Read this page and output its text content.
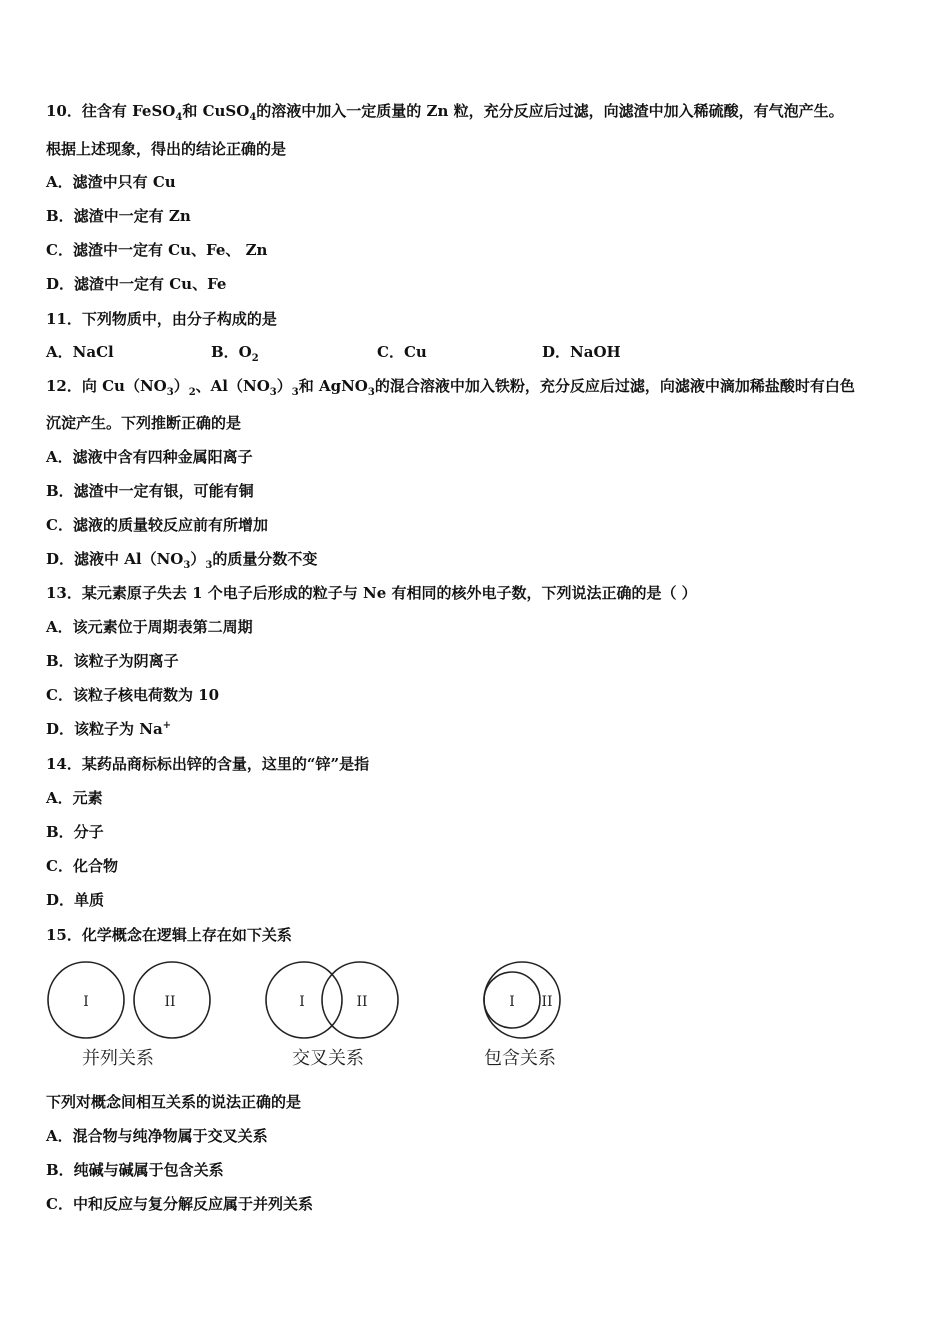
10．往含有 FeSO$_4$和 CuSO$_4$的溶液中加入一定质量的 Zn 粒，充分反应后过滤，向滤渣中加入稀硫酸，有气泡产生。
根据上述现象，得出的结论正确的是
A．滤渣中只有 Cu
B．滤渣中一定有 Zn
C．滤渣中一定有 Cu、Fe、 Zn
D．滤渣中一定有 Cu、Fe
11．下列物质中，由分子构成的是
A．NaCl	B．$O_2$	C．Cu	D．NaOH
12．向 $Cu(NO_3)_2$、$Al(NO_3)_3$和 AgNO$_3$的混合溶液中加入铁粉，充分反应后过滤，向滤液中滴加稀盐酸时有白色
沉淀产生。下列推断正确的是
A．滤液中含有四种金属阳离子
B．滤渣中一定有银，可能有铜
C．滤液的质量较反应前有所增加
D．滤液中 $Al(NO_3)_3$的质量分数不变
13．某元素原子失去 1 个电子后形成的粒子与 Ne 有相同的核外电子数，下列说法正确的是（ ）
A．该元素位于周期表第二周期
B．该粒子为阴离子
C．该粒子核电荷数为 10
D．该粒子为 Na+
14．某药品商标标出锌的含量，这里的“锌”是指
A．元素
B．分子
C．化合物
D．单质
15．化学概念在逻辑上存在如下关系
I	II
并列关系
I	II
交叉关系
I II
包含关系
下列对概念间相互关系的说法正确的是
A．混合物与纯净物属于交叉关系
B．纯碱与碱属于包含关系
C．中和反应与复分解反应属于并列关系
